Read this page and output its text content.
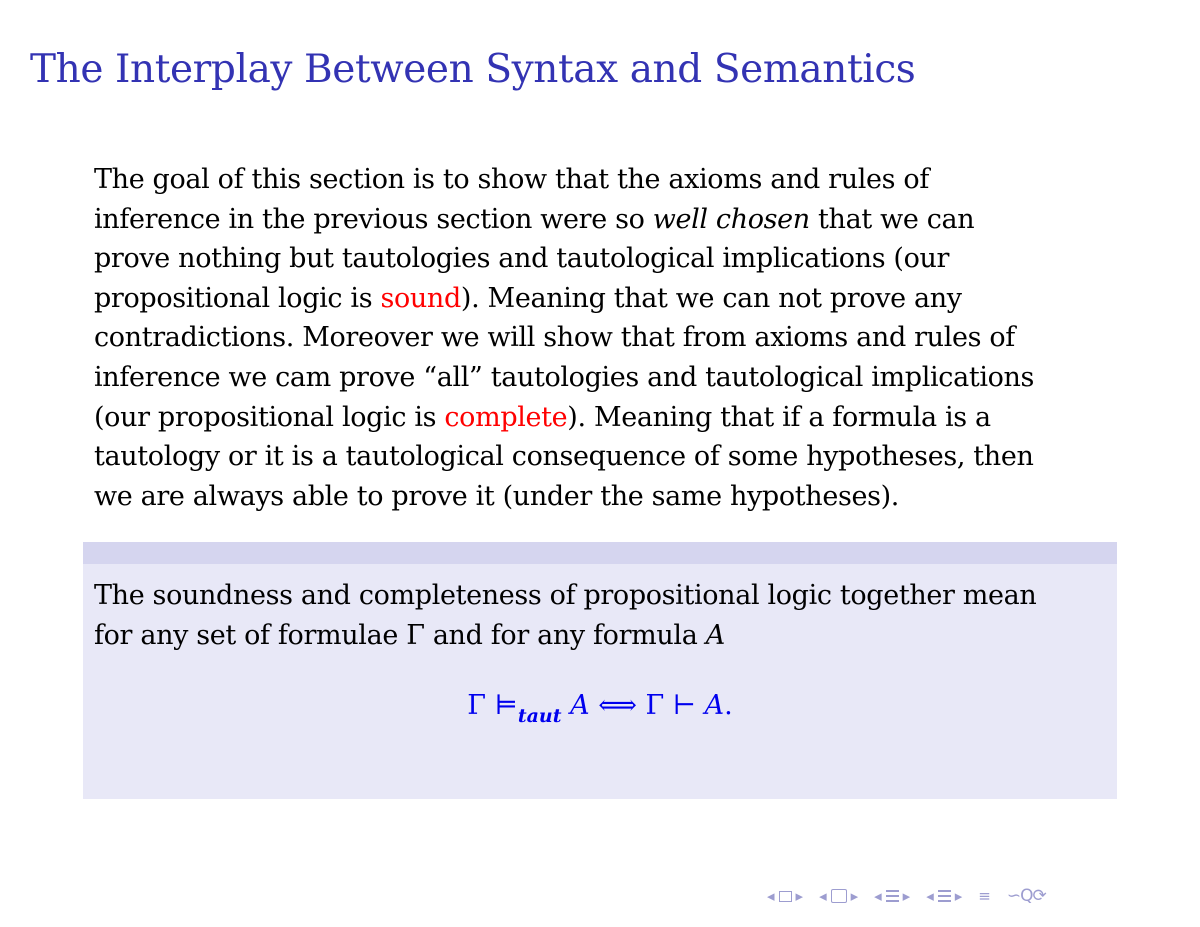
The Interplay Between Syntax and Semantics
The goal of this section is to show that the axioms and rules of
inference in the previous section were so well chosen that we can
prove nothing but tautologies and tautological implications (our
propositional logic is sound). Meaning that we can not prove any
contradictions. Moreover we will show that from axioms and rules of
inference we cam prove “all” tautologies and tautological implications
(our propositional logic is complete). Meaning that if a formula is a
tautology or it is a tautological consequence of some hypotheses, then
we are always able to prove it (under the same hypotheses).
The soundness and completeness of propositional logic together mean
for any set of formulae Γ and for any formula A
Γ $⊨_{taut}$ A ⟺ Γ ⊢ A.
◂ ▸ ◂ ▸ ◂ ▸ ◂ ▸ ≡ ∽Q⟳
